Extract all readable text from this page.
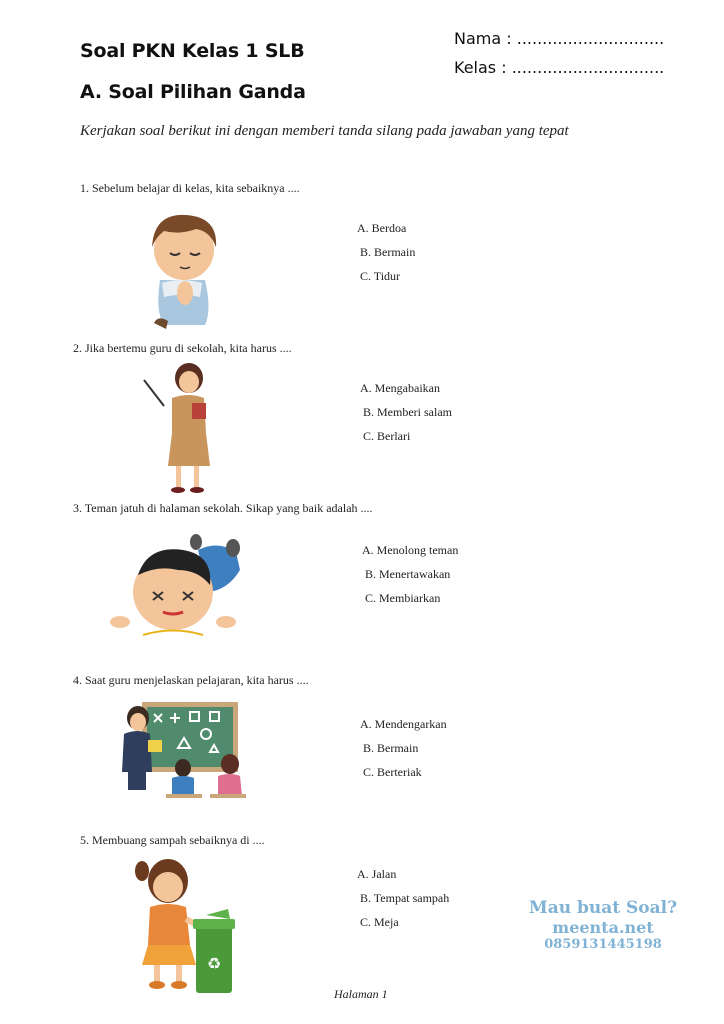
Soal PKN Kelas 1 SLB
A. Soal Pilihan Ganda
Nama : .............................
Kelas : ..............................
Kerjakan soal berikut ini dengan memberi tanda silang pada jawaban yang tepat
1. Sebelum belajar di kelas, kita sebaiknya ....
A. Berdoa
B. Bermain
C. Tidur
2. Jika bertemu guru di sekolah, kita harus ....
A. Mengabaikan
B. Memberi salam
C. Berlari
3. Teman jatuh di halaman sekolah. Sikap yang baik adalah ....
A. Menolong teman
B. Menertawakan
C. Membiarkan
4. Saat guru menjelaskan pelajaran, kita harus ....
A. Mendengarkan
B. Bermain
C. Berteriak
5. Membuang sampah sebaiknya di ....
♻
A. Jalan
B. Tempat sampah
C. Meja
Mau buat Soal?
meenta.net
0859131445198
Halaman 1
